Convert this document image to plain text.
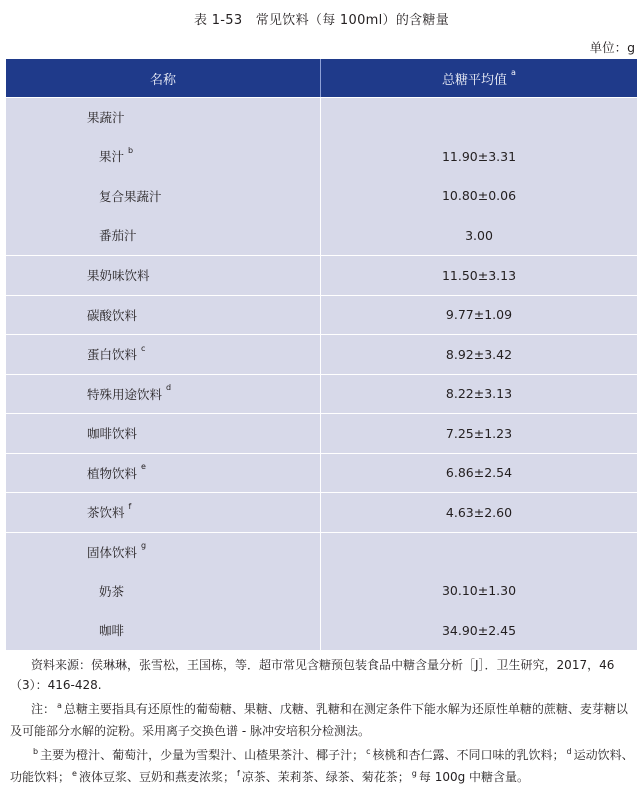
表 1-53　常见饮料（每 100ml）的含糖量
单位：g
名称	总糖平均值
a
果蔬汁
果汁 b	11.90±3.31
复合果蔬汁	10.80±0.06
番茄汁	3.00
果奶味饮料	11.50±3.13
碳酸饮料	9.77±1.09
蛋白饮料 c	8.92±3.42
特殊用途饮料 d	8.22±3.13
咖啡饮料	7.25±1.23
植物饮料 e	6.86±2.54
茶饮料 f	4.63±2.60
固体饮料 g
奶茶	30.10±1.30
咖啡	34.90±2.45

资料来源：侯琳琳，张雪松，王国栋，等．超市常见含糖预包装食品中糖含量分析［J］．卫生研究，2017，46（3）：416-428.

注： $^a$ 总糖主要指具有还原性的葡萄糖、果糖、戊糖、乳糖和在测定条件下能水解为还原性单糖的蔗糖、麦芽糖以及可能部分水解的淀粉。采用离子交换色谱 - 脉冲安培积分检测法。

$^b$ 主要为橙汁、葡萄汁，少量为雪梨汁、山楂果茶汁、椰子汁； $^c$ 核桃和杏仁露、不同口味的乳饮料； $^d$ 运动饮料、功能饮料； $^e$ 液体豆浆、豆奶和燕麦浓浆； $^f$ 凉茶、茉莉茶、绿茶、菊花茶； $^g$ 每 100g 中糖含量。
